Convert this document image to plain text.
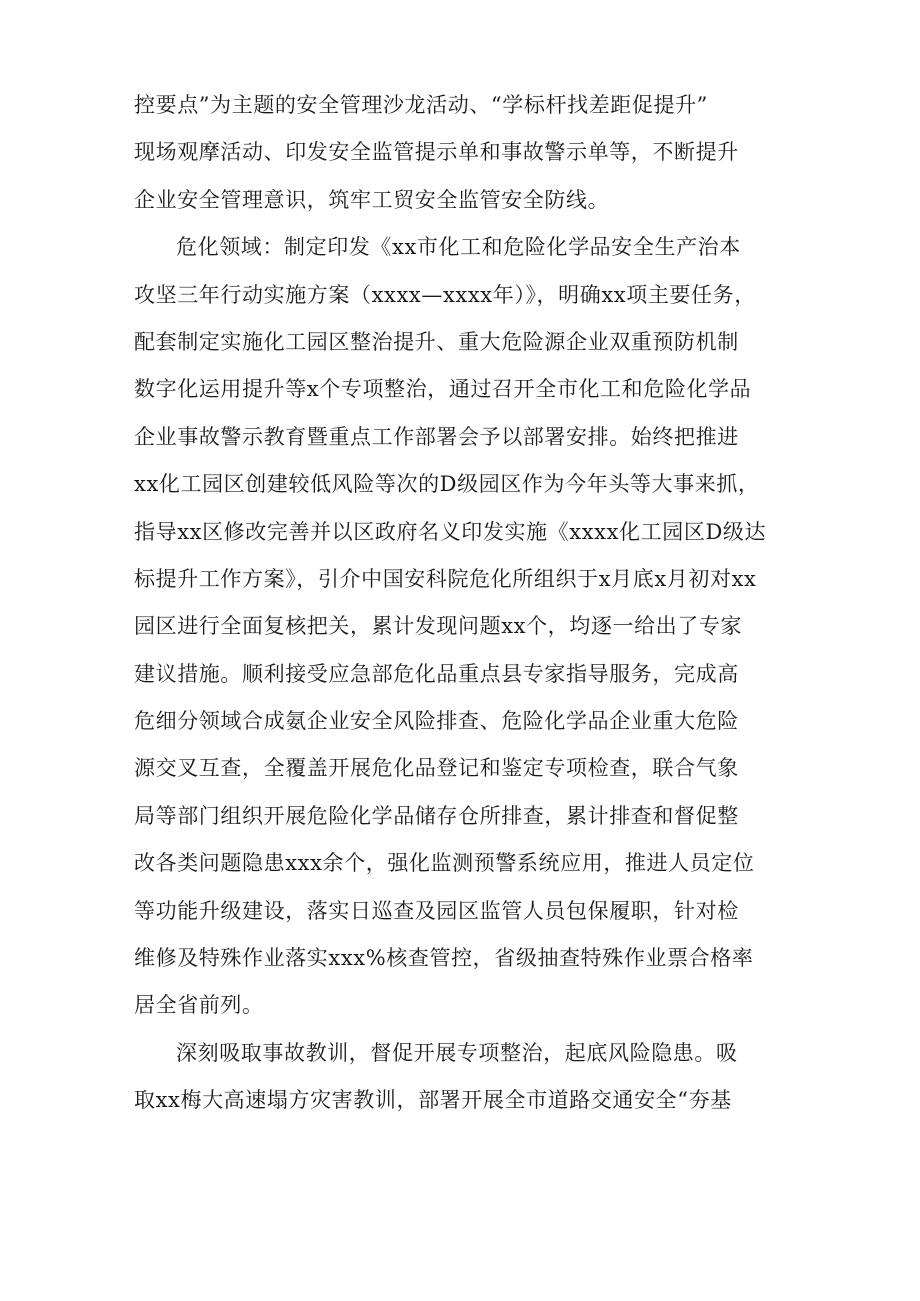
控要点”为主题的安全管理沙龙活动、“学标杆找差距促提升”
现场观摩活动、印发安全监管提示单和事故警示单等，不断提升
企业安全管理意识，筑牢工贸安全监管安全防线。
危化领域：制定印发《xx市化工和危险化学品安全生产治本
攻坚三年行动实施方案（xxxx—xxxx年）》，明确xx项主要任务，
配套制定实施化工园区整治提升、重大危险源企业双重预防机制
数字化运用提升等x个专项整治，通过召开全市化工和危险化学品
企业事故警示教育暨重点工作部署会予以部署安排。始终把推进
xx化工园区创建较低风险等次的D级园区作为今年头等大事来抓，
指导xx区修改完善并以区政府名义印发实施《xxxx化工园区D级达
标提升工作方案》，引介中国安科院危化所组织于x月底x月初对xx
园区进行全面复核把关，累计发现问题xx个，均逐一给出了专家
建议措施。顺利接受应急部危化品重点县专家指导服务，完成高
危细分领域合成氨企业安全风险排查、危险化学品企业重大危险
源交叉互查，全覆盖开展危化品登记和鉴定专项检查，联合气象
局等部门组织开展危险化学品储存仓所排查，累计排查和督促整
改各类问题隐患xxx余个，强化监测预警系统应用，推进人员定位
等功能升级建设，落实日巡查及园区监管人员包保履职，针对检
维修及特殊作业落实xxx%核查管控，省级抽查特殊作业票合格率
居全省前列。
深刻吸取事故教训，督促开展专项整治，起底风险隐患。吸
取xx梅大高速塌方灾害教训，部署开展全市道路交通安全“夯基
